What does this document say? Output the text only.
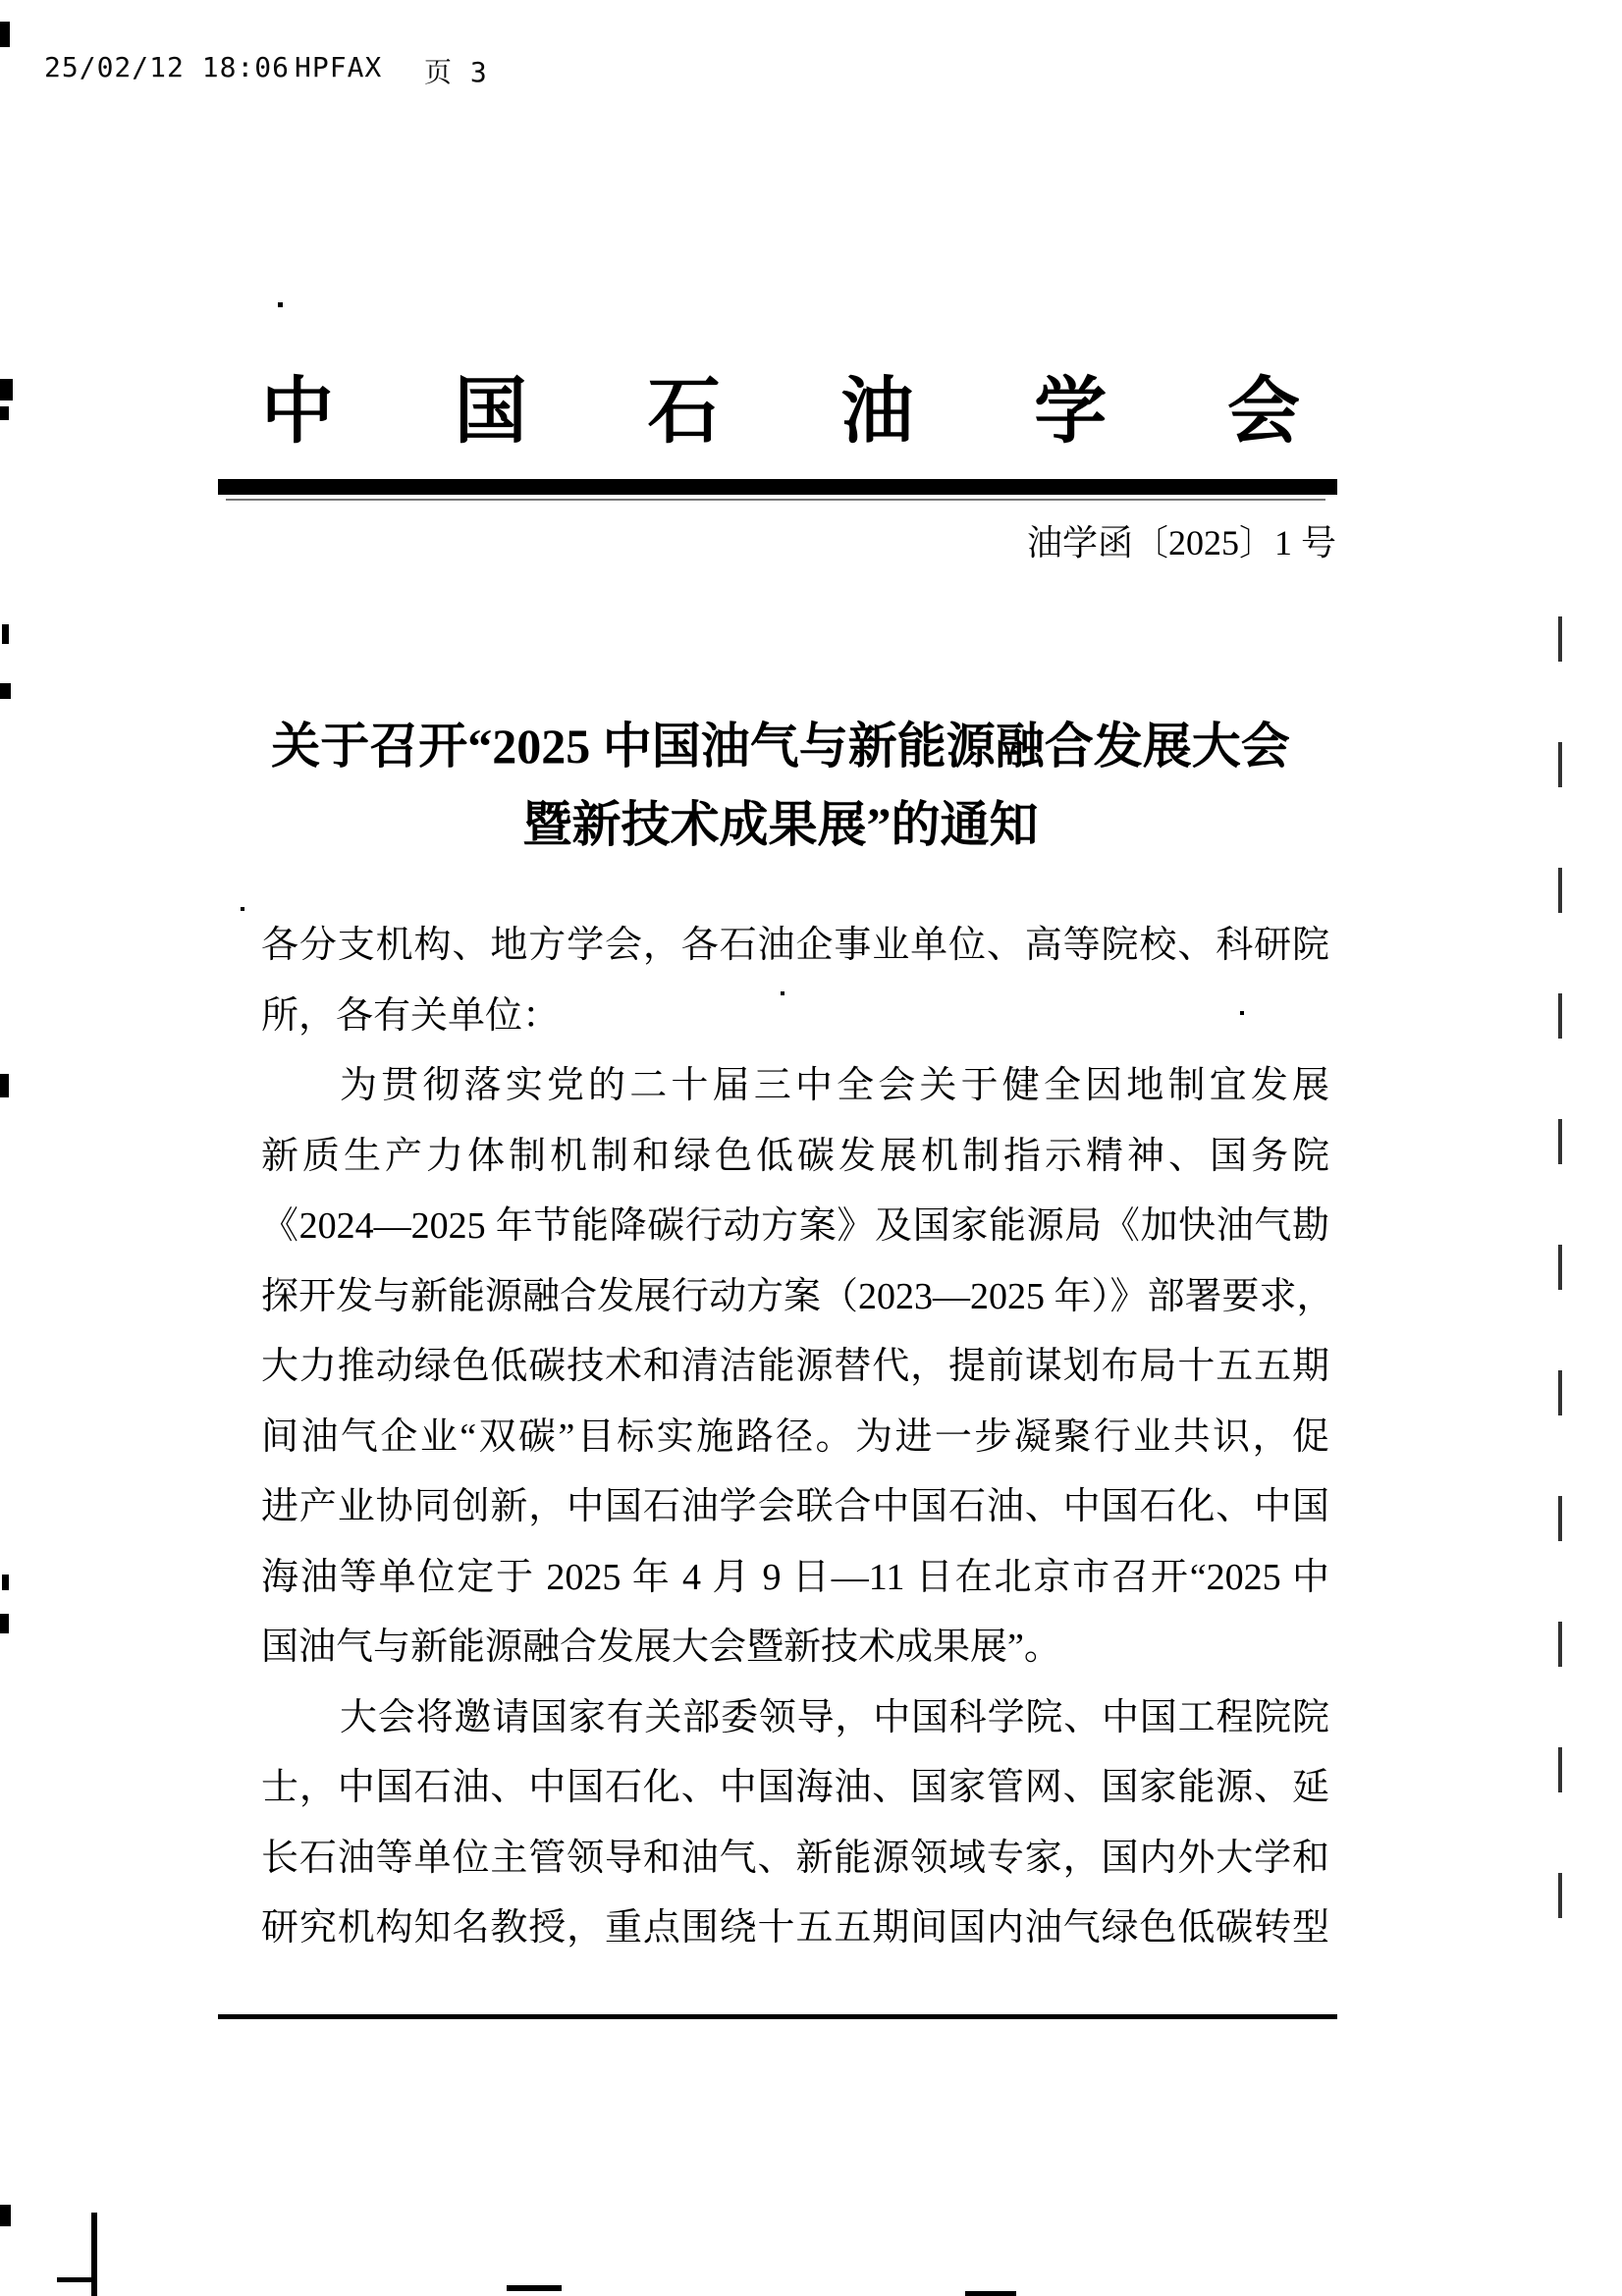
25/02/12 18:06 HPFAX 页 3
中 国 石 油 学 会
油学函〔2025〕1 号
关于召开“2025 中国油气与新能源融合发展大会
暨新技术成果展”的通知
各分支机构、地方学会，各石油企事业单位、高等院校、科研院
所，各有关单位：
为贯彻落实党的二十届三中全会关于健全因地制宜发展
新质生产力体制机制和绿色低碳发展机制指示精神、国务院
《2024—2025 年节能降碳行动方案》及国家能源局《加快油气勘
探开发与新能源融合发展行动方案（2023—2025 年）》部署要求，
大力推动绿色低碳技术和清洁能源替代，提前谋划布局十五五期
间油气企业“双碳”目标实施路径。为进一步凝聚行业共识，促
进产业协同创新，中国石油学会联合中国石油、中国石化、中国
海油等单位定于 2025 年 4 月 9 日—11 日在北京市召开“2025 中
国油气与新能源融合发展大会暨新技术成果展”。
大会将邀请国家有关部委领导，中国科学院、中国工程院院
士，中国石油、中国石化、中国海油、国家管网、国家能源、延
长石油等单位主管领导和油气、新能源领域专家，国内外大学和
研究机构知名教授，重点围绕十五五期间国内油气绿色低碳转型
